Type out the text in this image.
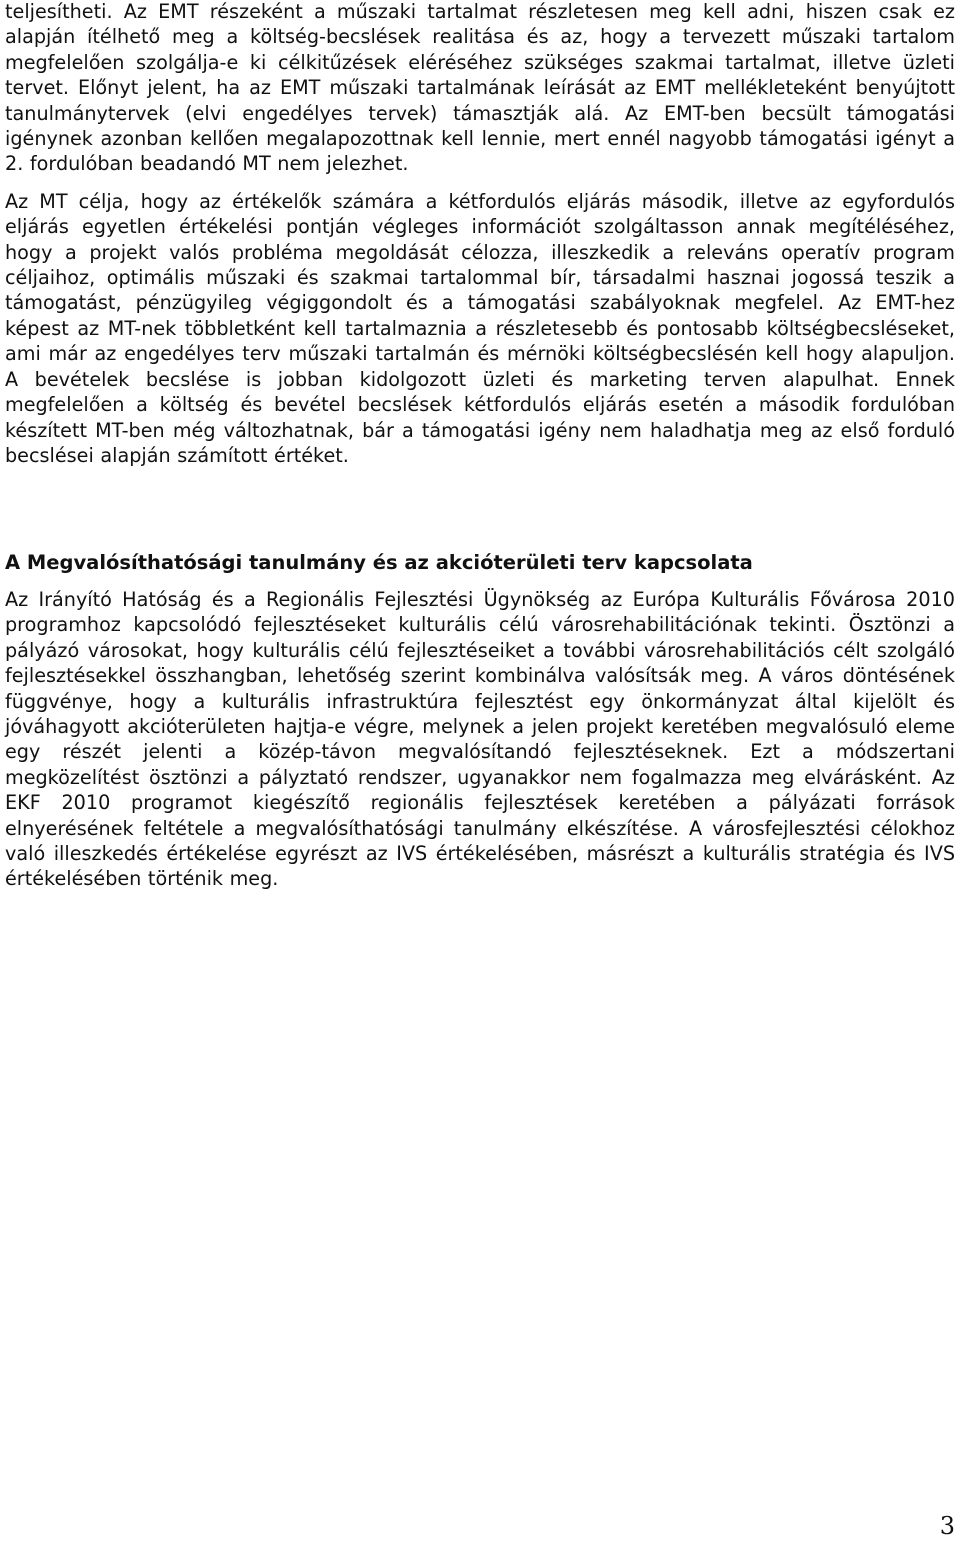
teljesítheti. Az EMT részeként a műszaki tartalmat részletesen meg kell adni, hiszen csak ez alapján ítélhető meg a költség-becslések realitása és az, hogy a tervezett műszaki tartalom megfelelően szolgálja-e ki célkitűzések eléréséhez szükséges szakmai tartalmat, illetve üzleti tervet. Előnyt jelent, ha az EMT műszaki tartalmának leírását az EMT mellékleteként benyújtott tanulmánytervek (elvi engedélyes tervek) támasztják alá. Az EMT-ben becsült támogatási igénynek azonban kellően megalapozottnak kell lennie, mert ennél nagyobb támogatási igényt a 2. fordulóban beadandó MT nem jelezhet.

Az MT célja, hogy az értékelők számára a kétfordulós eljárás második, illetve az egyfordulós eljárás egyetlen értékelési pontján végleges információt szolgáltasson annak megítéléséhez, hogy a projekt valós probléma megoldását célozza, illeszkedik a releváns operatív program céljaihoz, optimális műszaki és szakmai tartalommal bír, társadalmi hasznai jogossá teszik a támogatást, pénzügyileg végiggondolt és a támogatási szabályoknak megfelel. Az EMT-hez képest az MT-nek többletként kell tartalmaznia a részletesebb és pontosabb költségbecsléseket, ami már az engedélyes terv műszaki tartalmán és mérnöki költségbecslésén kell hogy alapuljon. A bevételek becslése is jobban kidolgozott üzleti és marketing terven alapulhat. Ennek megfelelően a költség és bevétel becslések kétfordulós eljárás esetén a második fordulóban készített MT-ben még változhatnak, bár a támogatási igény nem haladhatja meg az első forduló becslései alapján számított értéket.

A Megvalósíthatósági tanulmány és az akcióterületi terv kapcsolata

Az Irányító Hatóság és a Regionális Fejlesztési Ügynökség az Európa Kulturális Fővárosa 2010 programhoz kapcsolódó fejlesztéseket kulturális célú városrehabilitációnak tekinti. Ösztönzi a pályázó városokat, hogy kulturális célú fejlesztéseiket a további városrehabilitációs célt szolgáló fejlesztésekkel összhangban, lehetőség szerint kombinálva valósítsák meg. A város döntésének függvénye, hogy a kulturális infrastruktúra fejlesztést egy önkormányzat által kijelölt és jóváhagyott akcióterületen hajtja-e végre, melynek a jelen projekt keretében megvalósuló eleme egy részét jelenti a közép-távon megvalósítandó fejlesztéseknek. Ezt a módszertani megközelítést ösztönzi a pályztató rendszer, ugyanakkor nem fogalmazza meg elvárásként. Az EKF 2010 programot kiegészítő regionális fejlesztések keretében a pályázati források elnyerésének feltétele a megvalósíthatósági tanulmány elkészítése. A városfejlesztési célokhoz való illeszkedés értékelése egyrészt az IVS értékelésében, másrészt a kulturális stratégia és IVS értékelésében történik meg.

3
